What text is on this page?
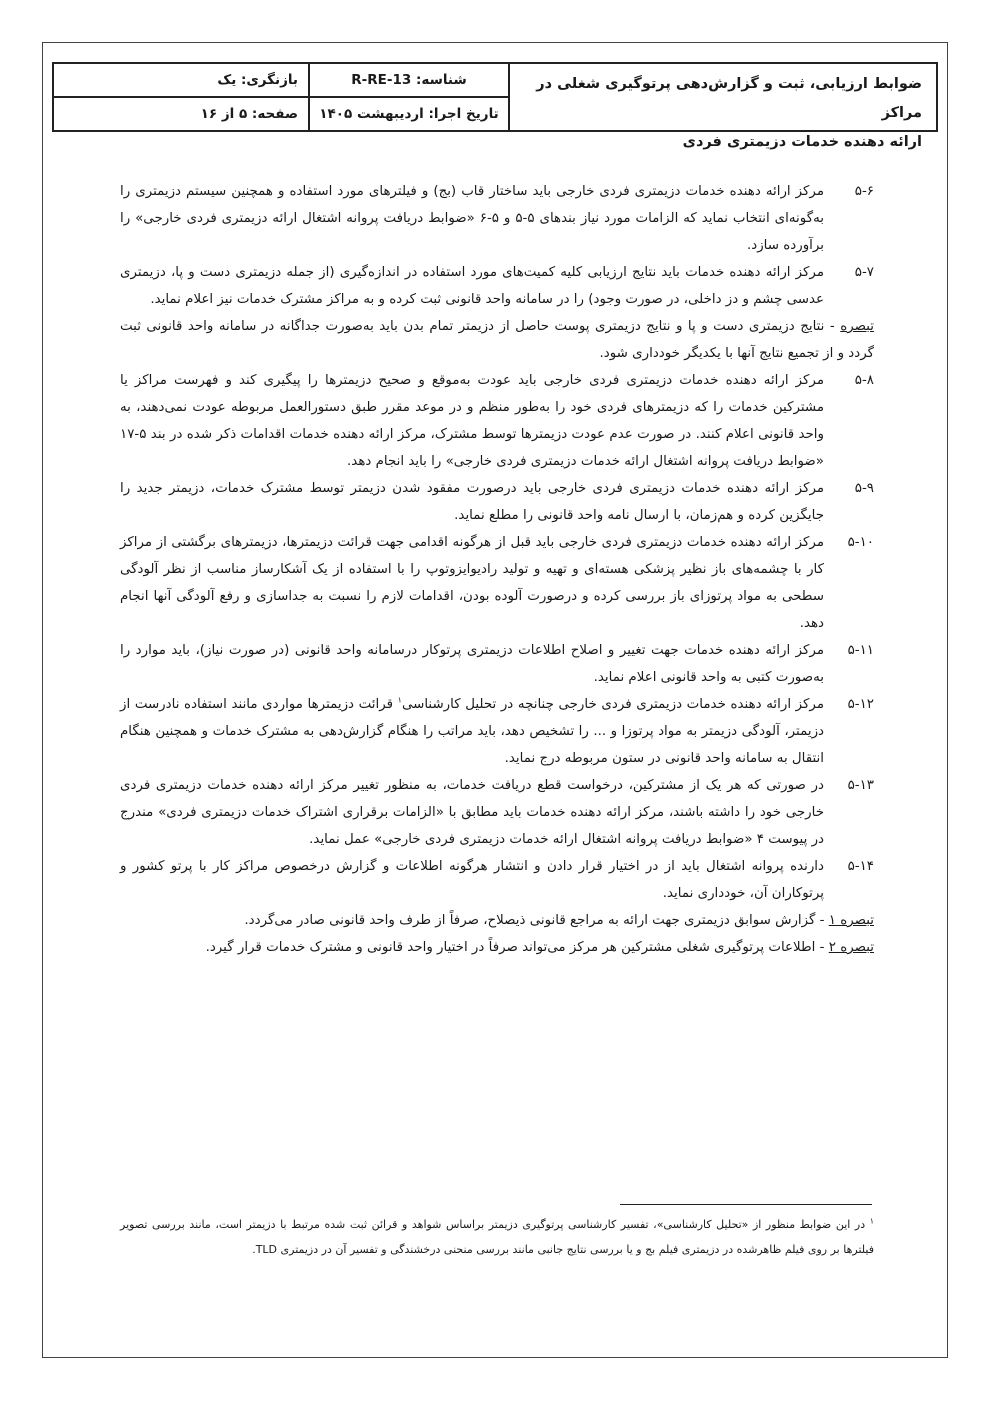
ضوابط ارزیابی، ثبت و گزارش‌دهی پرتوگیری شغلی در مراکز
ارائه دهنده خدمات دزیمتری فردی
شناسه: R-RE-13
تاریخ اجرا: اردیبهشت ۱۴۰۵
بازنگری: یک
صفحه: ۵ از ۱۶
۵-۶
مرکز ارائه دهنده خدمات دزیمتری فردی خارجی باید ساختار قاب (بج) و فیلترهای مورد استفاده و همچنین سیستم دزیمتری را به‌گونه‌ای انتخاب نماید که الزامات مورد نیاز بندهای ۵-۵ و ۵-۶ «ضوابط دریافت پروانه اشتغال ارائه دزیمتری فردی خارجی» را برآورده سازد.
۵-۷
مرکز ارائه دهنده خدمات باید نتایج ارزیابی کلیه کمیت‌های مورد استفاده در اندازه‌گیری (از جمله دزیمتری دست و پا، دزیمتری عدسی چشم و دز داخلی، در صورت وجود) را در سامانه واحد قانونی ثبت کرده و به مراکز مشترک خدمات نیز اعلام نماید.
تبصره - نتایج دزیمتری دست و پا و نتایج دزیمتری پوست حاصل از دزیمتر تمام بدن باید به‌صورت جداگانه در سامانه واحد قانونی ثبت گردد و از تجمیع نتایج آنها با یکدیگر خودداری شود.
۵-۸
مرکز ارائه دهنده خدمات دزیمتری فردی خارجی باید عودت به‌موقع و صحیح دزیمترها را پیگیری کند و فهرست مراکز یا مشترکین خدمات را که دزیمترهای فردی خود را به‌طور منظم و در موعد مقرر طبق دستورالعمل مربوطه عودت نمی‌دهند، به واحد قانونی اعلام کنند. در صورت عدم عودت دزیمترها توسط مشترک، مرکز ارائه دهنده خدمات اقدامات ذکر شده در بند ۵-۱۷ «ضوابط دریافت پروانه اشتغال ارائه خدمات دزیمتری فردی خارجی» را باید انجام دهد.
۵-۹
مرکز ارائه دهنده خدمات دزیمتری فردی خارجی باید درصورت مفقود شدن دزیمتر توسط مشترک خدمات، دزیمتر جدید را جایگزین کرده و هم‌زمان، با ارسال نامه واحد قانونی را مطلع نماید.
۵-۱۰
مرکز ارائه دهنده خدمات دزیمتری فردی خارجی باید قبل از هرگونه اقدامی جهت قرائت دزیمترها، دزیمترهای برگشتی از مراکز کار با چشمه‌های باز نظیر پزشکی هسته‌ای و تهیه و تولید رادیوایزوتوپ را با استفاده از یک آشکارساز مناسب از نظر آلودگی سطحی به مواد پرتوزای باز بررسی کرده و درصورت آلوده بودن، اقدامات لازم را نسبت به جداسازی و رفع آلودگی آنها انجام دهد.
۵-۱۱
مرکز ارائه دهنده خدمات جهت تغییر و اصلاح اطلاعات دزیمتری پرتوکار درسامانه واحد قانونی (در صورت نیاز)، باید موارد را به‌صورت کتبی به واحد قانونی اعلام نماید.
۵-۱۲
مرکز ارائه دهنده خدمات دزیمتری فردی خارجی چنانچه در تحلیل کارشناسی$^۱$ قرائت دزیمترها مواردی مانند استفاده نادرست از دزیمتر، آلودگی دزیمتر به مواد پرتوزا و ... را تشخیص دهد، باید مراتب را هنگام گزارش‌دهی به مشترک خدمات و همچنین هنگام انتقال به سامانه واحد قانونی در ستون مربوطه درج نماید.
۵-۱۳
در صورتی که هر یک از مشترکین، درخواست قطع دریافت خدمات، به منظور تغییر مرکز ارائه دهنده خدمات دزیمتری فردی خارجی خود را داشته باشند، مرکز ارائه دهنده خدمات باید مطابق با «الزامات برقراری اشتراک خدمات دزیمتری فردی» مندرج در پیوست ۴ «ضوابط دریافت پروانه اشتغال ارائه خدمات دزیمتری فردی خارجی» عمل نماید.
۵-۱۴
دارنده پروانه اشتغال باید از در اختیار قرار دادن و انتشار هرگونه اطلاعات و گزارش درخصوص مراکز کار با پرتو کشور و پرتوکاران آن، خودداری نماید.
تبصره ۱ - گزارش سوابق دزیمتری جهت ارائه به مراجع قانونی ذیصلاح، صرفاً از طرف واحد قانونی صادر می‌گردد.
تبصره ۲ - اطلاعات پرتوگیری شغلی مشترکین هر مرکز می‌تواند صرفاً در اختیار واحد قانونی و مشترک خدمات قرار گیرد.
$^۱$ در این ضوابط منظور از «تحلیل کارشناسی»، تفسیر کارشناسی پرتوگیری دزیمتر براساس شواهد و قرائن ثبت شده مرتبط با دزیمتر است، مانند بررسی تصویر فیلترها بر روی فیلم ظاهرشده در دزیمتری فیلم بج و یا بررسی نتایج جانبی مانند بررسی منحنی درخشندگی و تفسیر آن در دزیمتری TLD.
